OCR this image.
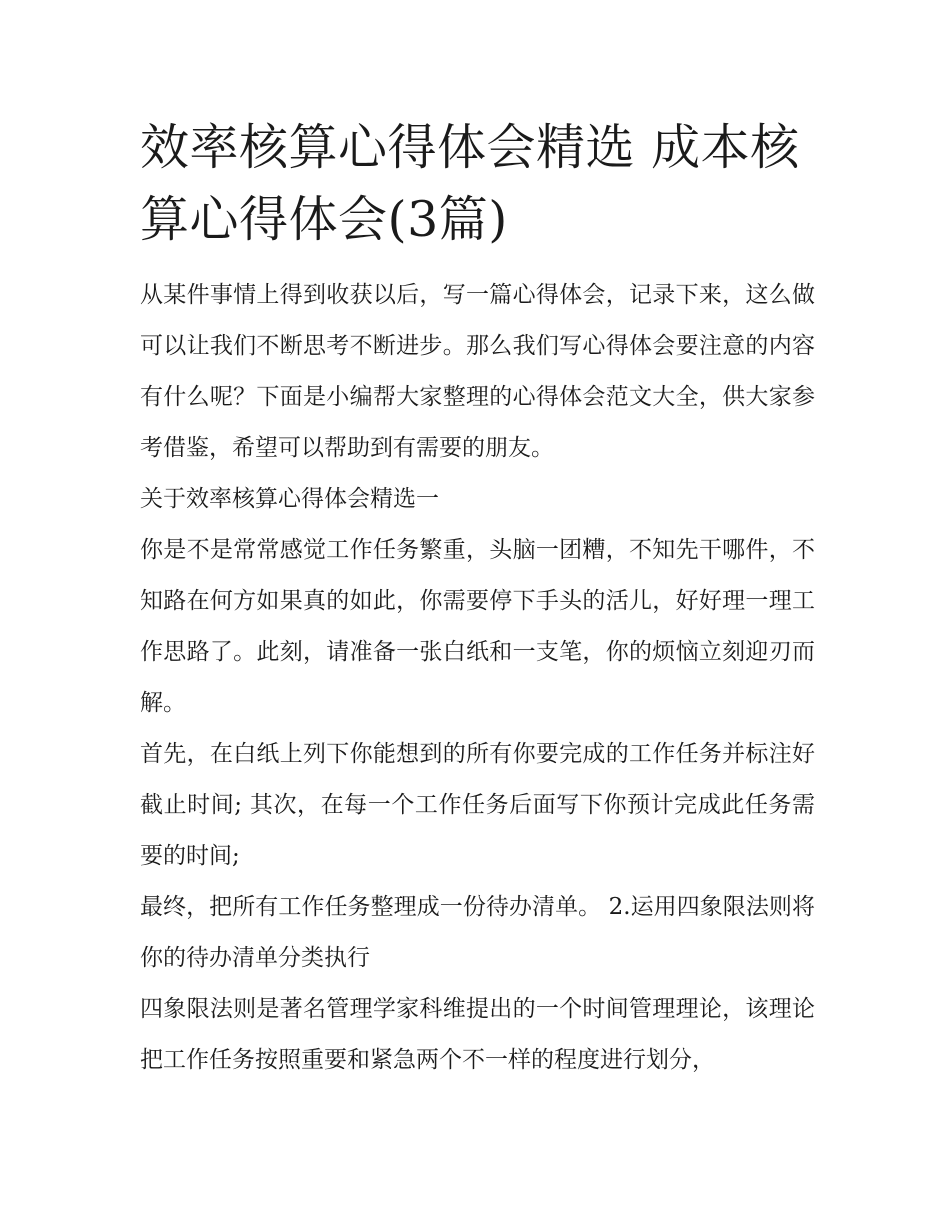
效率核算心得体会精选 成本核算心得体会(3篇)

从某件事情上得到收获以后，写一篇心得体会，记录下来，这么做可以让我们不断思考不断进步。那么我们写心得体会要注意的内容有什么呢？下面是小编帮大家整理的心得体会范文大全，供大家参考借鉴，希望可以帮助到有需要的朋友。

关于效率核算心得体会精选一

你是不是常常感觉工作任务繁重，头脑一团糟，不知先干哪件，不知路在何方如果真的如此，你需要停下手头的活儿，好好理一理工作思路了。此刻，请准备一张白纸和一支笔，你的烦恼立刻迎刃而解。

首先，在白纸上列下你能想到的所有你要完成的工作任务并标注好截止时间; 其次，在每一个工作任务后面写下你预计完成此任务需要的时间;

最终，把所有工作任务整理成一份待办清单。 2.运用四象限法则将你的待办清单分类执行

四象限法则是著名管理学家科维提出的一个时间管理理论，该理论把工作任务按照重要和紧急两个不一样的程度进行划分，
